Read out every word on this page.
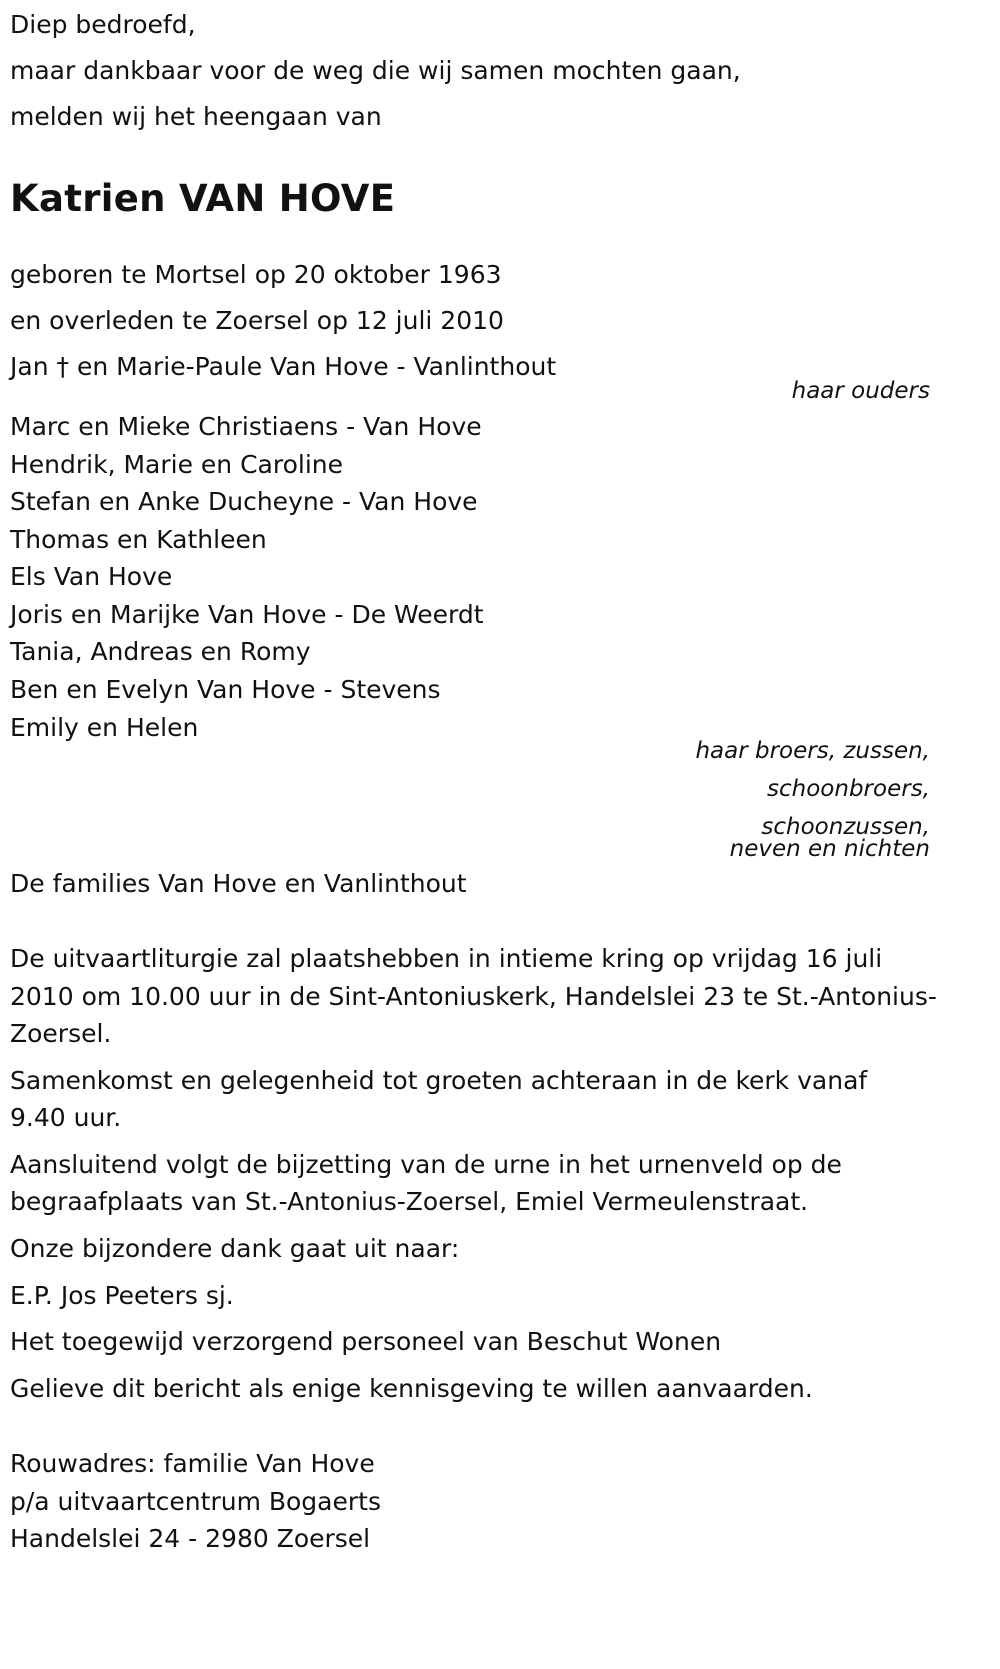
Diep bedroefd,
maar dankbaar voor de weg die wij samen mochten gaan,
melden wij het heengaan van
Katrien VAN HOVE
geboren te Mortsel op 20 oktober 1963
en overleden te Zoersel op 12 juli 2010
Jan † en Marie-Paule Van Hove - Vanlinthout
haar ouders
Marc en Mieke Christiaens - Van Hove
Hendrik, Marie en Caroline
Stefan en Anke Ducheyne - Van Hove
Thomas en Kathleen
Els Van Hove
Joris en Marijke Van Hove - De Weerdt
Tania, Andreas en Romy
Ben en Evelyn Van Hove - Stevens
Emily en Helen
haar broers, zussen,
schoonbroers,
schoonzussen,
neven en nichten
De families Van Hove en Vanlinthout
De uitvaartliturgie zal plaatshebben in intieme kring op vrijdag 16 juli
2010 om 10.00 uur in de Sint-Antoniuskerk, Handelslei 23 te St.-Antonius-
Zoersel.
Samenkomst en gelegenheid tot groeten achteraan in de kerk vanaf
9.40 uur.
Aansluitend volgt de bijzetting van de urne in het urnenveld op de
begraafplaats van St.-Antonius-Zoersel, Emiel Vermeulenstraat.
Onze bijzondere dank gaat uit naar:
E.P. Jos Peeters sj.
Het toegewijd verzorgend personeel van Beschut Wonen
Gelieve dit bericht als enige kennisgeving te willen aanvaarden.
Rouwadres: familie Van Hove
p/a uitvaartcentrum Bogaerts
Handelslei 24 - 2980 Zoersel
